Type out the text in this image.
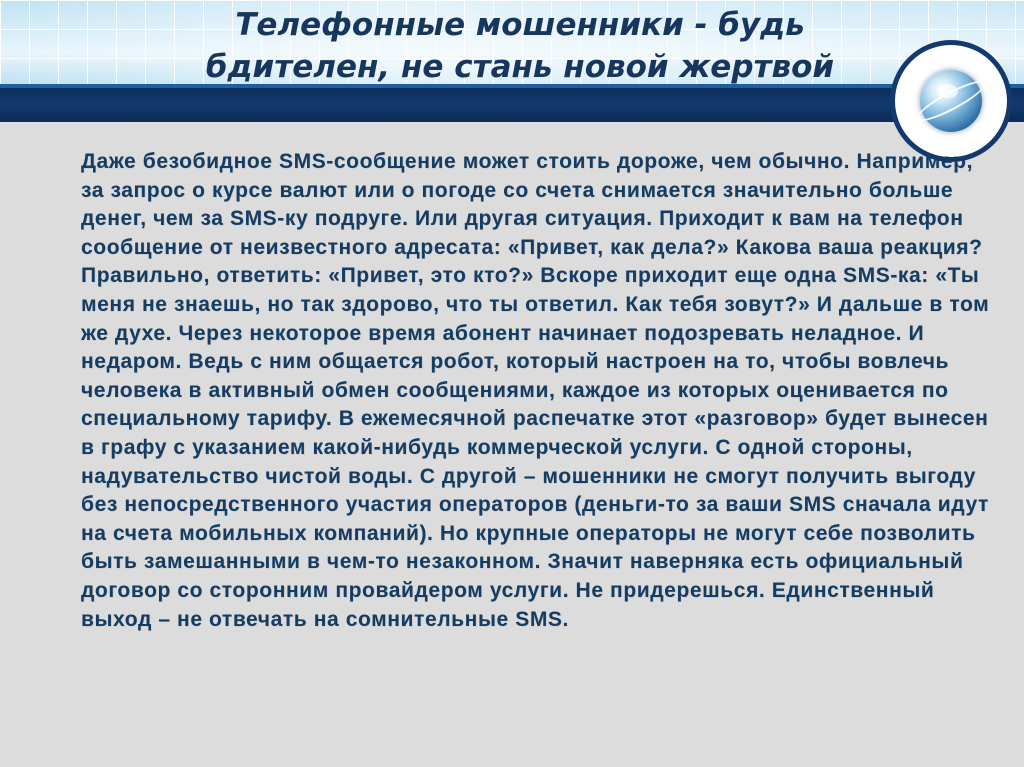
Телефонные мошенники - будь бдителен, не стань новой жертвой

Даже безобидное SMS-сообщение может стоить дороже, чем обычно. Например, за запрос о курсе валют или о погоде со счета снимается значительно больше денег, чем за SMS-ку подруге. Или другая ситуация. Приходит к вам на телефон сообщение от неизвестного адресата: «Привет, как дела?» Какова ваша реакция? Правильно, ответить: «Привет, это кто?» Вскоре приходит еще одна SMS-ка: «Ты меня не знаешь, но так здорово, что ты ответил. Как тебя зовут?» И дальше в том же духе. Через некоторое время абонент начинает подозревать неладное. И недаром. Ведь с ним общается робот, который настроен на то, чтобы вовлечь человека в активный обмен сообщениями, каждое из которых оценивается по специальному тарифу. В ежемесячной распечатке этот «разговор» будет вынесен в графу с указанием какой-нибудь коммерческой услуги. С одной стороны, надувательство чистой воды. С другой – мошенники не смогут получить выгоду без непосредственного участия операторов (деньги-то за ваши SMS сначала идут на счета мобильных компаний). Но крупные операторы не могут себе позволить быть замешанными в чем-то незаконном. Значит наверняка есть официальный договор со сторонним провайдером услуги. Не придерешься. Единственный выход – не отвечать на сомнительные SMS.
